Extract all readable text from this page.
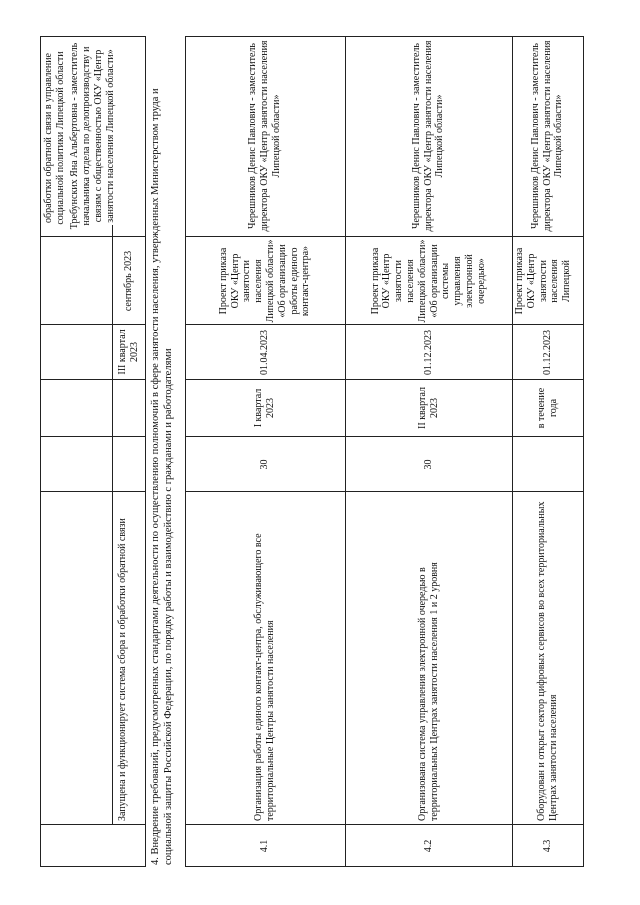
Запущена и функционирует система сбора и обработки обратной связи
III квартал 2023
сентябрь 2023
обработки обратной связи в управление социальной политики Липецкой области	4. Внедрение требований, предусмотренных стандартами деятельности по осуществлению полномочий в сфере занятости населения, утвержденных Министерством труда и социальной защиты Российской Федерации, по порядку работы и взаимодействию с гражданами и работодателями	4.1
Организация работы единого контакт-центра, обслуживающего все территориальные Центры занятости населения
30
I квартал 2023
01.04.2023
Проект приказа ОКУ «Центр занятости населения Липецкой области» «Об организации работы единого контакт-центра»
Черешников Денис Павлович - заместитель директора ОКУ «Центр занятости населения Липецкой области»
4.2
Организована система управления электронной очередью в территориальных Центрах занятости населения 1 и 2 уровня
30
II квартал 2023
01.12.2023
Проект приказа ОКУ «Центр занятости населения Липецкой области» «Об организации системы управления электронной очередью»
Черешников Денис Павлович - заместитель директора ОКУ «Центр занятости населения Липецкой области»
4.3
Оборудован и открыт сектор цифровых сервисов во всех территориальных Центрах занятости населения
в течение года
01.12.2023
Проект приказа ОКУ «Центр занятости населения Липецкой
Черешников Денис Павлович - заместитель директора ОКУ «Центр занятости населения Липецкой области»
Требунских Яна Альбертовна - заместитель начальника отдела по делопроизводству и связям с общественностью ОКУ «Центр занятости населения Липецкой области»
